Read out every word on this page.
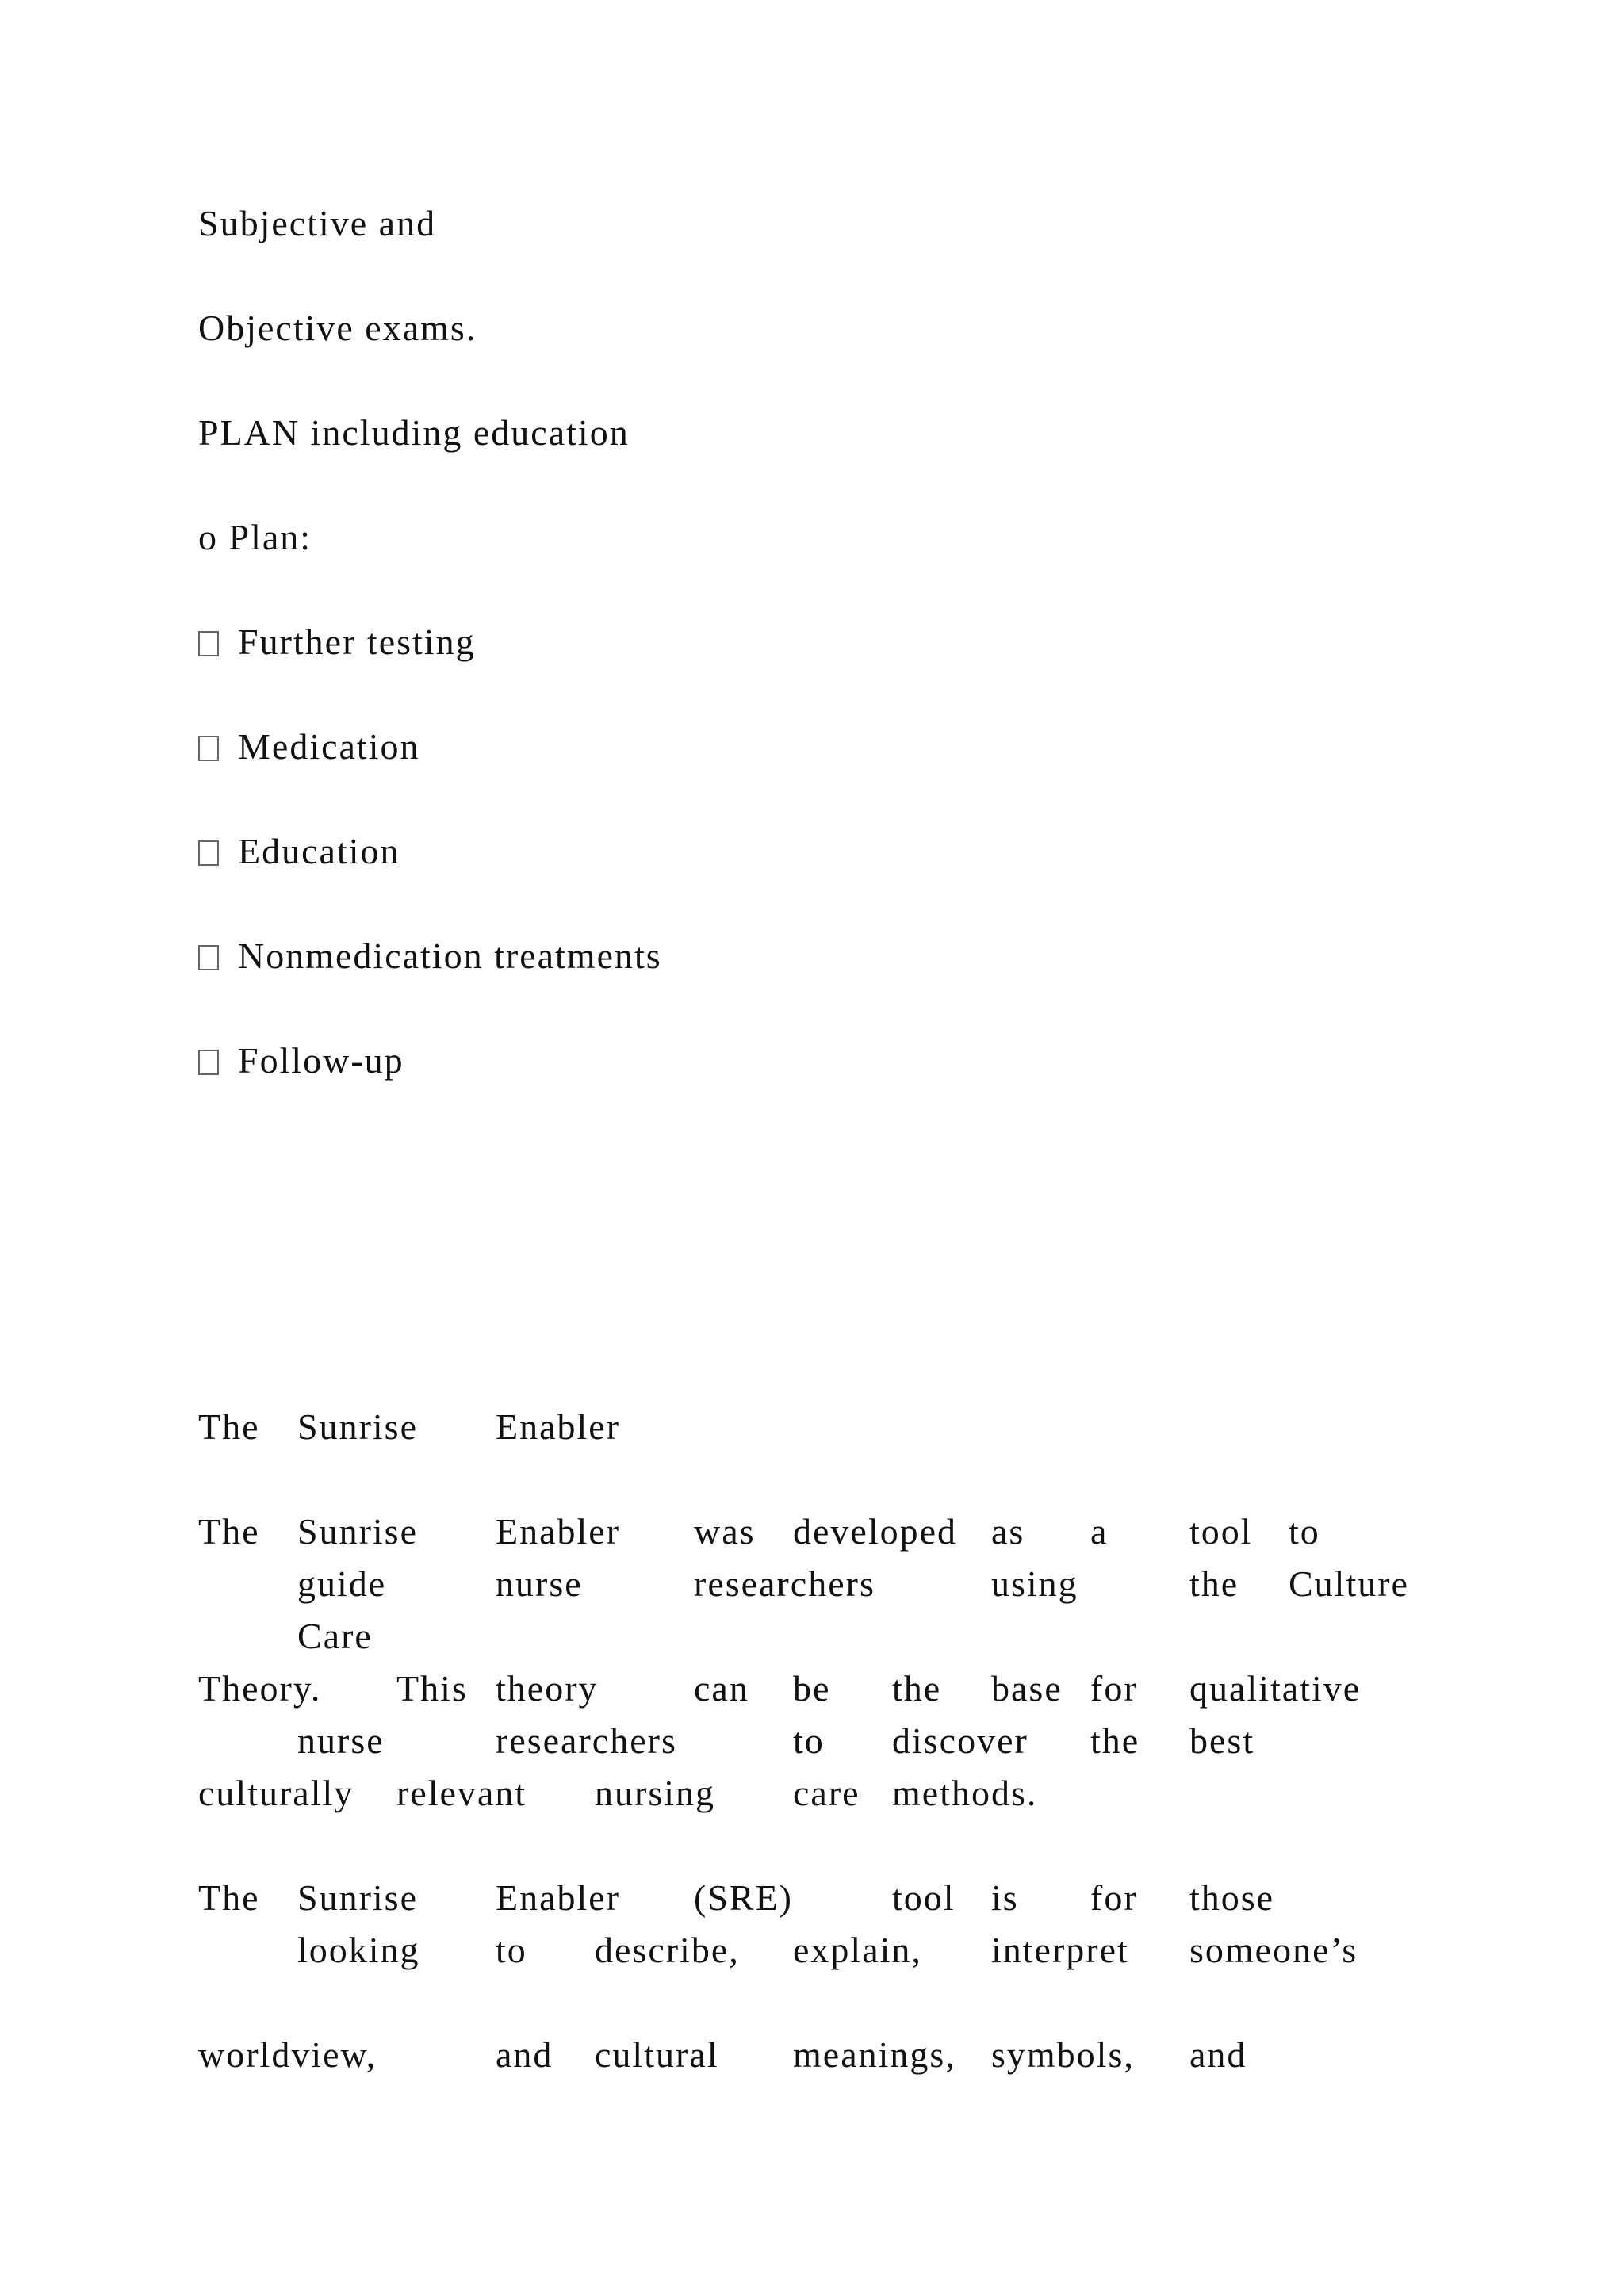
Subjective and
Objective exams.
PLAN including education
o Plan:
Further testing
Medication
Education
Nonmedication treatments
Follow-up
The Sunrise Enabler
The Sunrise Enabler was developed as a tool to
guide	nurse	researchers	using	the Culture
Care
Theory. This theory	can be the base for qualitative
nurse	researchers	to discover the best
culturally relevant nursing care methods.
The Sunrise Enabler (SRE)	tool is for those
looking to describe, explain, interpret someone’s
worldview,	and cultural meanings, symbols, and
